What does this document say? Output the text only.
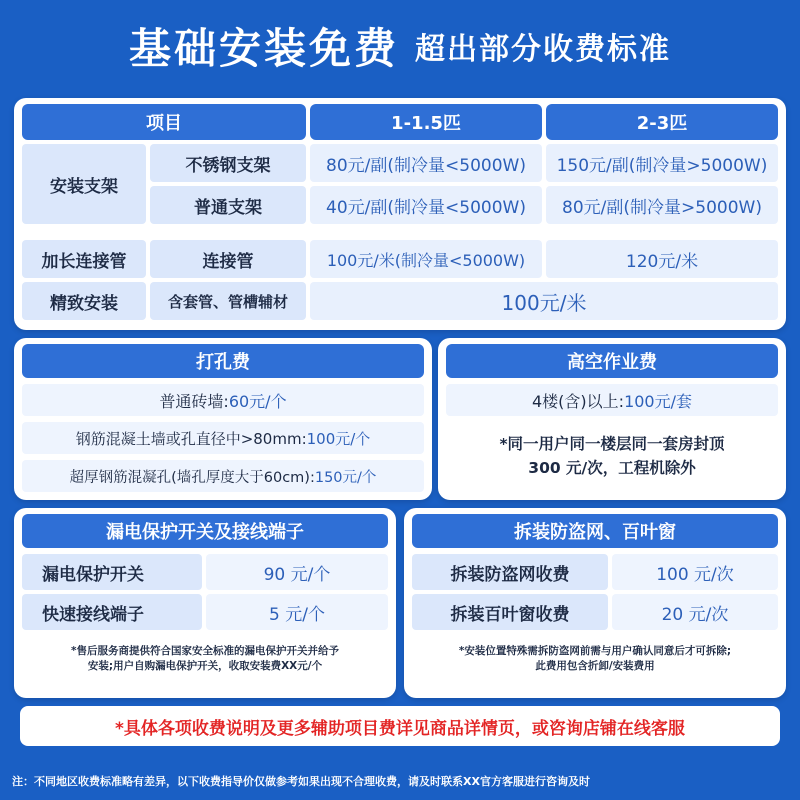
基础安装免费 超出部分收费标准
项目	1-1.5匹	2-3匹
安装支架
不锈钢支架	80元/副(制冷量<5000W)	150元/副(制冷量>5000W)
普通支架	40元/副(制冷量<5000W)	80元/副(制冷量>5000W)
加长连接管	连接管	100元/米(制冷量<5000W)	120元/米
精致安装	含套管、管槽辅材	100元/米
打孔费
普通砖墙: 60元/个
钢筋混凝土墙或孔直径中>80mm: 100元/个
超厚钢筋混凝孔(墙孔厚度大于60cm): 150元/个
高空作业费
4楼(含)以上: 100元/套
*同一用户同一楼层同一套房封顶
300 元/次，工程机除外
漏电保护开关及接线端子
漏电保护开关	90 元/个
快速接线端子	5 元/个
*售后服务商提供符合国家安全标准的漏电保护开关并给予
安装;用户自购漏电保护开关，收取安装费XX元/个
拆装防盗网、百叶窗
拆装防盗网收费	100 元/次
拆装百叶窗收费	20 元/次
*安装位置特殊需拆防盗网前需与用户确认同意后才可拆除;
此费用包含折卸/安装费用
*具体各项收费说明及更多辅助项目费详见商品详情页，或咨询店铺在线客服
注：不同地区收费标准略有差异，以下收费指导价仅做参考如果出现不合理收费，请及时联系XX官方客服进行咨询及时
